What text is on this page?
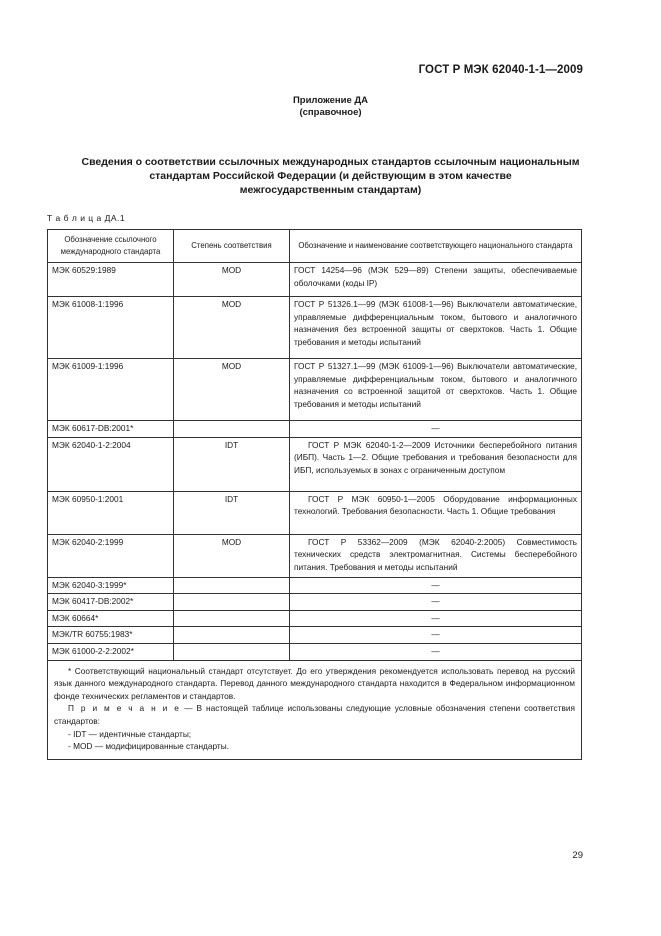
ГОСТ Р МЭК 62040-1-1—2009
Приложение ДА
(справочное)
Сведения о соответствии ссылочных международных стандартов ссылочным национальным
стандартам Российской Федерации (и действующим в этом качестве
межгосударственным стандартам)
Т а б л и ц а ДА.1
Обозначение ссылочного международного стандарта	Степень соответствия	Обозначение и наименование соответствующего национального стандарта
МЭК 60529:1989	MOD	ГОСТ 14254—96 (МЭК 529—89) Степени защиты, обеспечиваемые оболочками (коды IP)
МЭК 61008-1:1996	MOD	ГОСТ Р 51326.1—99 (МЭК 61008-1—96) Выключатели автоматические, управляемые дифференциальным током, бытового и аналогичного назначения без встроенной защиты от сверхтоков. Часть 1. Общие требования и методы испытаний
МЭК 61009-1:1996	MOD	ГОСТ Р 51327.1—99 (МЭК 61009-1—96) Выключатели автоматические, управляемые дифференциальным током, бытового и аналогичного назначения со встроенной защитой от сверхтоков. Часть 1. Общие требования и методы испытаний
МЭК 60617-DB:2001*		—
МЭК 62040-1-2:2004	IDT	ГОСТ Р МЭК 62040-1-2—2009 Источники бесперебойного питания (ИБП). Часть 1—2. Общие требования и требования безопасности для ИБП, используемых в зонах с ограниченным доступом
МЭК 60950-1:2001	IDT	ГОСТ Р МЭК 60950-1—2005 Оборудование информационных технологий. Требования безопасности. Часть 1. Общие требования
МЭК 62040-2:1999	MOD	ГОСТ Р 53362—2009 (МЭК 62040-2:2005) Совместимость технических средств электромагнитная. Системы бесперебойного питания. Требования и методы испытаний
МЭК 62040-3:1999*		—
МЭК 60417-DB:2002*		—
МЭК 60664*		—
МЭК/TR 60755:1983*		—
МЭК 61000-2-2:2002*		—

* Соответствующий национальный стандарт отсутствует. До его утверждения рекомендуется использовать перевод на русский язык данного международного стандарта. Перевод данного международного стандарта находится в Федеральном информационном фонде технических регламентов и стандартов.
П р и м е ч а н и е — В настоящей таблице использованы следующие условные обозначения степени соответствия стандартов:
- IDT — идентичные стандарты;
- MOD — модифицированные стандарты.		
29
